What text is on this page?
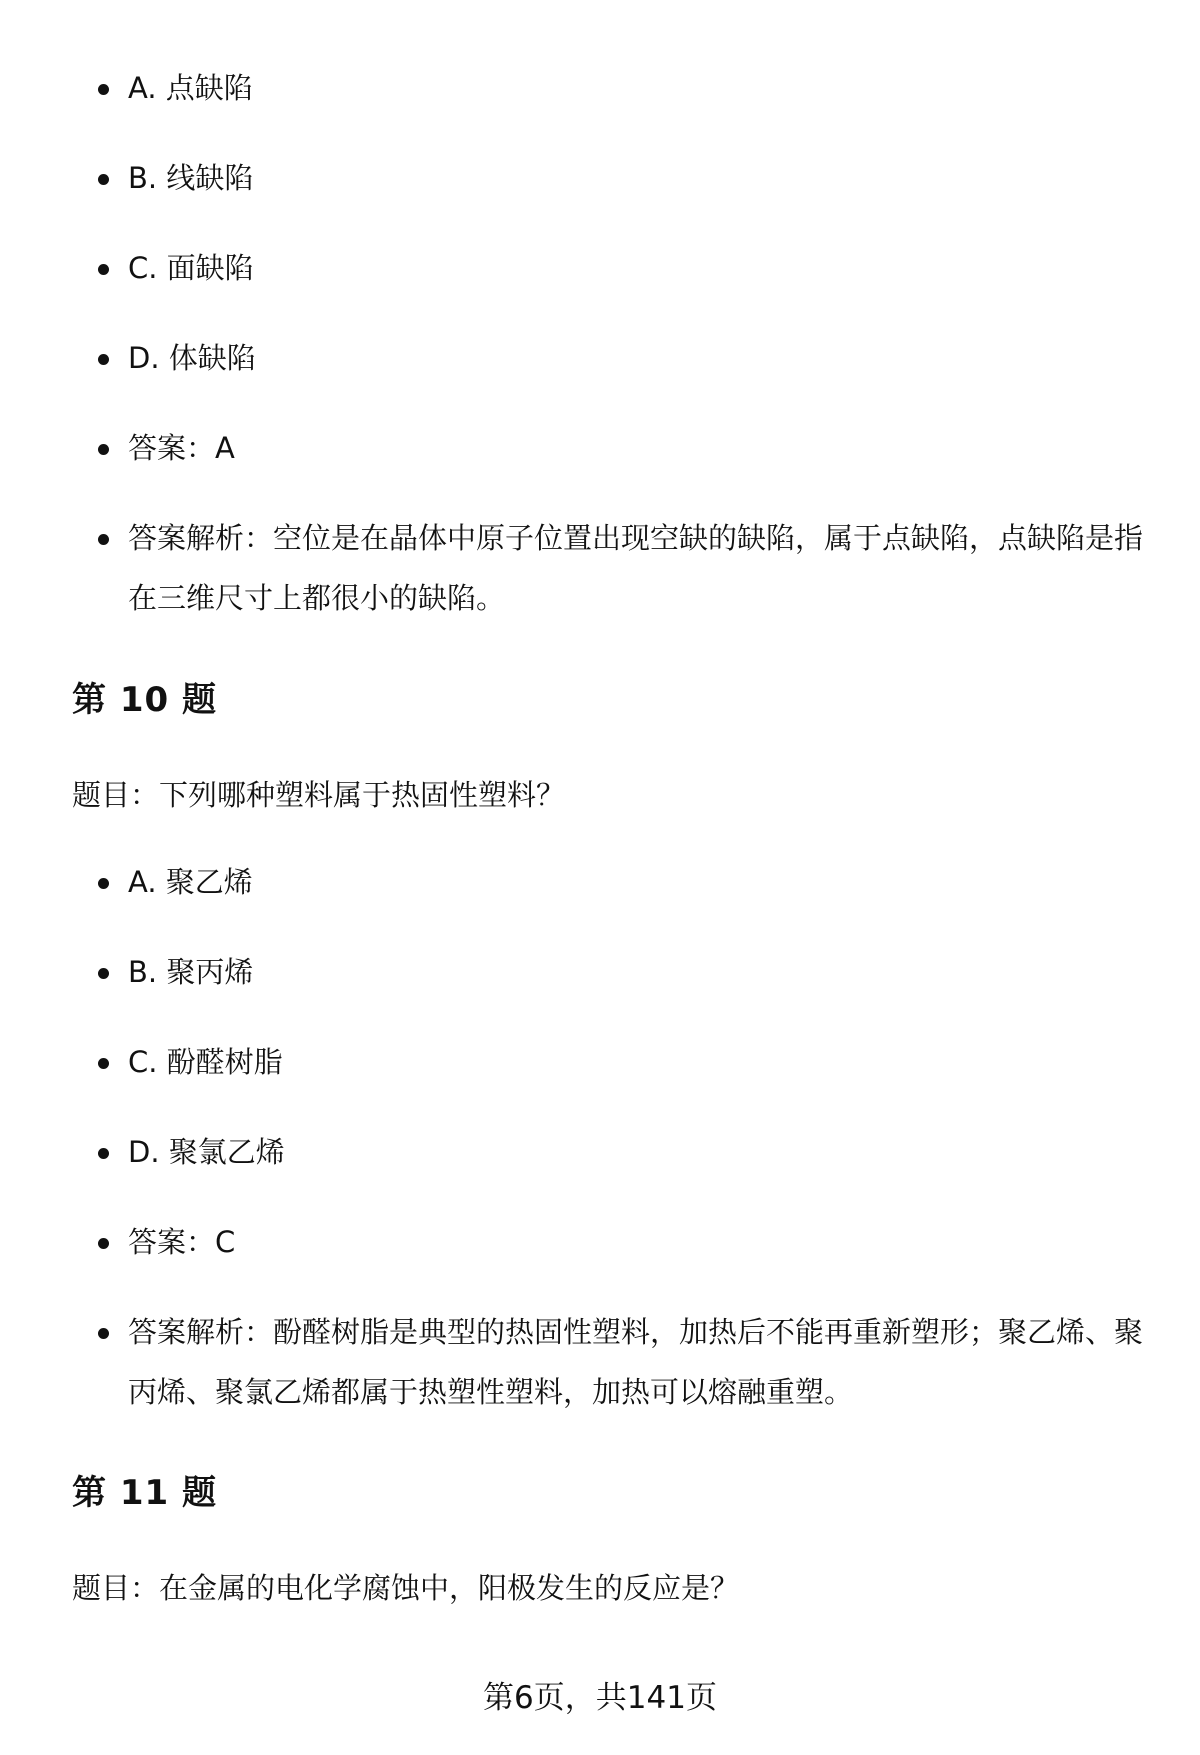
A. 点缺陷
B. 线缺陷
C. 面缺陷
D. 体缺陷
答案：A
答案解析：空位是在晶体中原子位置出现空缺的缺陷，属于点缺陷，点缺陷是指在三维尺寸上都很小的缺陷。
第 10 题

题目：下列哪种塑料属于热固性塑料？

A. 聚乙烯
B. 聚丙烯
C. 酚醛树脂
D. 聚氯乙烯
答案：C
答案解析：酚醛树脂是典型的热固性塑料，加热后不能再重新塑形；聚乙烯、聚丙烯、聚氯乙烯都属于热塑性塑料，加热可以熔融重塑。
第 11 题

题目：在金属的电化学腐蚀中，阳极发生的反应是？

第6页，共141页
